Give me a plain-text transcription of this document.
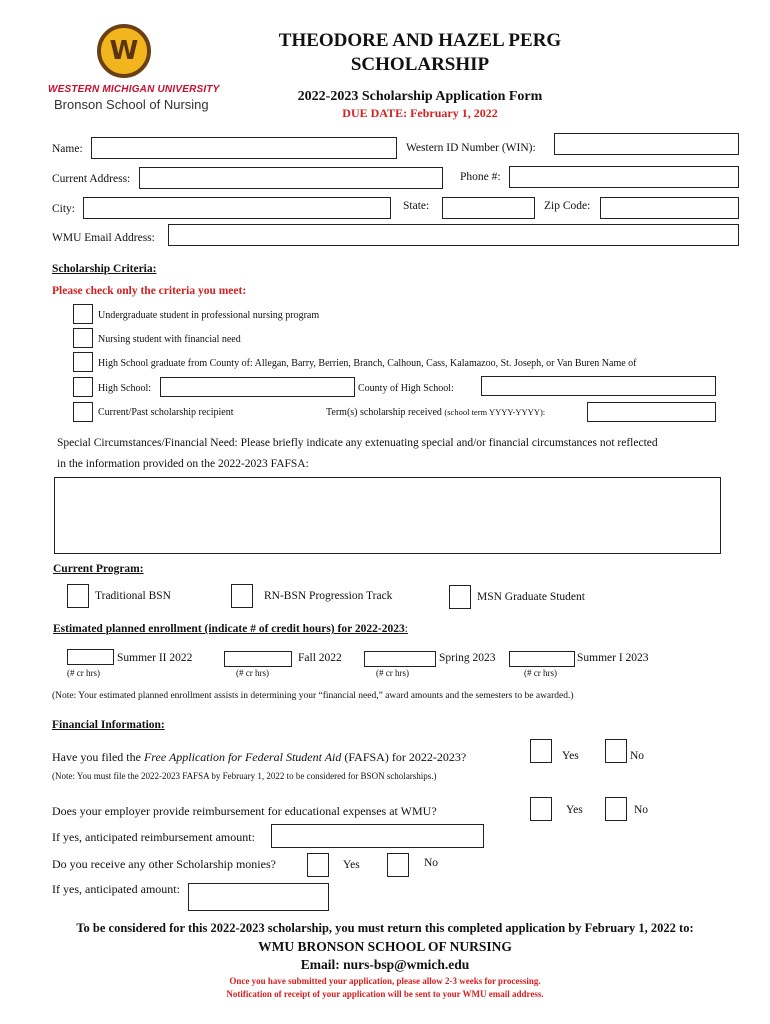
W
WESTERN MICHIGAN UNIVERSITY
Bronson School of Nursing
THEODORE AND HAZEL PERG
SCHOLARSHIP
2022-2023 Scholarship Application Form
DUE DATE: February 1, 2022
Name:	Western ID Number (WIN):
Current Address:	Phone #:
City:	State:	Zip Code:
WMU Email Address:
Scholarship Criteria:
Please check only the criteria you meet:
Undergraduate student in professional nursing program
Nursing student with financial need
High School graduate from County of: Allegan, Barry, Berrien, Branch, Calhoun, Cass, Kalamazoo, St. Joseph, or Van Buren Name of
High School:	County of High School:
Current/Past scholarship recipient	Term(s) scholarship received (school term YYYY-YYYY):
Special Circumstances/Financial Need: Please briefly indicate any extenuating special and/or financial circumstances not reflected
in the information provided on the 2022-2023 FAFSA:
Current Program:
Traditional BSN	RN-BSN Progression Track	MSN Graduate Student
Estimated planned enrollment (indicate # of credit hours) for 2022-2023:
Summer II 2022
(# cr hrs)
Fall 2022
(# cr hrs)
Spring 2023
(# cr hrs)
Summer I 2023
(# cr hrs)
(Note: Your estimated planned enrollment assists in determining your “financial need,” award amounts and the semesters to be awarded.)
Financial Information:
Have you filed the Free Application for Federal Student Aid (FAFSA) for 2022-2023?	Yes	No
(Note: You must file the 2022-2023 FAFSA by February 1, 2022 to be considered for BSON scholarships.)
Does your employer provide reimbursement for educational expenses at WMU?	Yes	No
If yes, anticipated reimbursement amount:
Do you receive any other Scholarship monies?	Yes	No
If yes, anticipated amount:
To be considered for this 2022-2023 scholarship, you must return this completed application by February 1, 2022 to:
WMU BRONSON SCHOOL OF NURSING
Email: nurs-bsp@wmich.edu
Once you have submitted your application, please allow 2-3 weeks for processing.
Notification of receipt of your application will be sent to your WMU email address.
